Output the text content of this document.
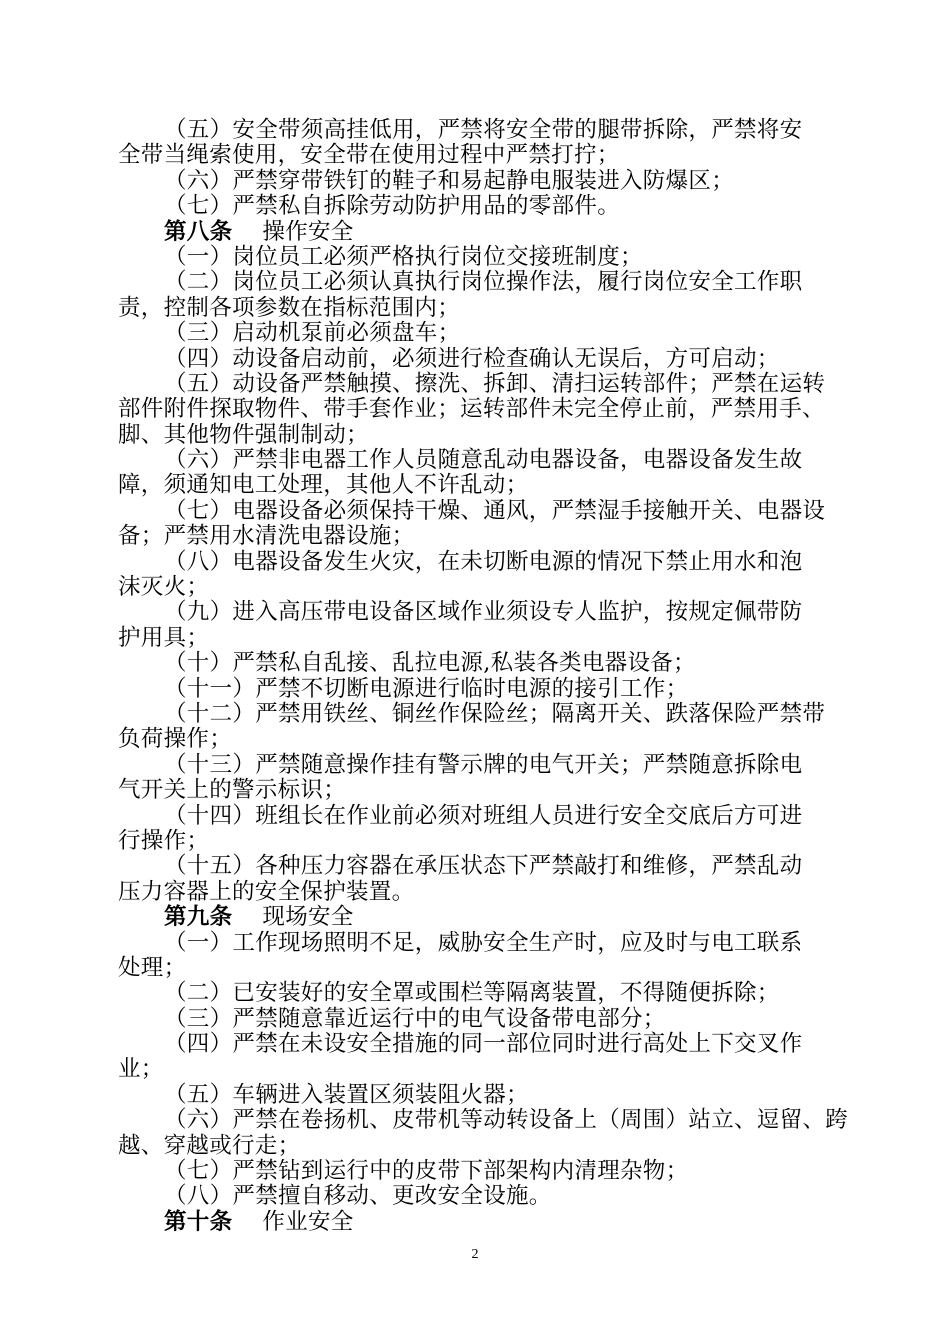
（五）安全带须高挂低用，严禁将安全带的腿带拆除，严禁将安
全带当绳索使用，安全带在使用过程中严禁打拧；
（六）严禁穿带铁钉的鞋子和易起静电服装进入防爆区；
（七）严禁私自拆除劳动防护用品的零部件。
第八条 操作安全
（一）岗位员工必须严格执行岗位交接班制度；
（二）岗位员工必须认真执行岗位操作法，履行岗位安全工作职
责，控制各项参数在指标范围内；
（三）启动机泵前必须盘车；
（四）动设备启动前，必须进行检查确认无误后，方可启动；
（五）动设备严禁触摸、擦洗、拆卸、清扫运转部件；严禁在运转
部件附件探取物件、带手套作业；运转部件未完全停止前，严禁用手、
脚、其他物件强制制动；
（六）严禁非电器工作人员随意乱动电器设备，电器设备发生故
障，须通知电工处理，其他人不许乱动；
（七）电器设备必须保持干燥、通风，严禁湿手接触开关、电器设
备；严禁用水清洗电器设施；
（八）电器设备发生火灾，在未切断电源的情况下禁止用水和泡
沫灭火；
（九）进入高压带电设备区域作业须设专人监护，按规定佩带防
护用具；
（十）严禁私自乱接、乱拉电源,私装各类电器设备；
（十一）严禁不切断电源进行临时电源的接引工作；
（十二）严禁用铁丝、铜丝作保险丝；隔离开关、跌落保险严禁带
负荷操作；
（十三）严禁随意操作挂有警示牌的电气开关；严禁随意拆除电
气开关上的警示标识；
（十四）班组长在作业前必须对班组人员进行安全交底后方可进
行操作；
（十五）各种压力容器在承压状态下严禁敲打和维修，严禁乱动
压力容器上的安全保护装置。
第九条 现场安全
（一）工作现场照明不足，威胁安全生产时，应及时与电工联系
处理；
（二）已安装好的安全罩或围栏等隔离装置，不得随便拆除；
（三）严禁随意靠近运行中的电气设备带电部分；
（四）严禁在未设安全措施的同一部位同时进行高处上下交叉作
业；
（五）车辆进入装置区须装阻火器；
（六）严禁在卷扬机、皮带机等动转设备上（周围）站立、逗留、跨
越、穿越或行走；
（七）严禁钻到运行中的皮带下部架构内清理杂物；
（八）严禁擅自移动、更改安全设施。
第十条 作业安全
2
